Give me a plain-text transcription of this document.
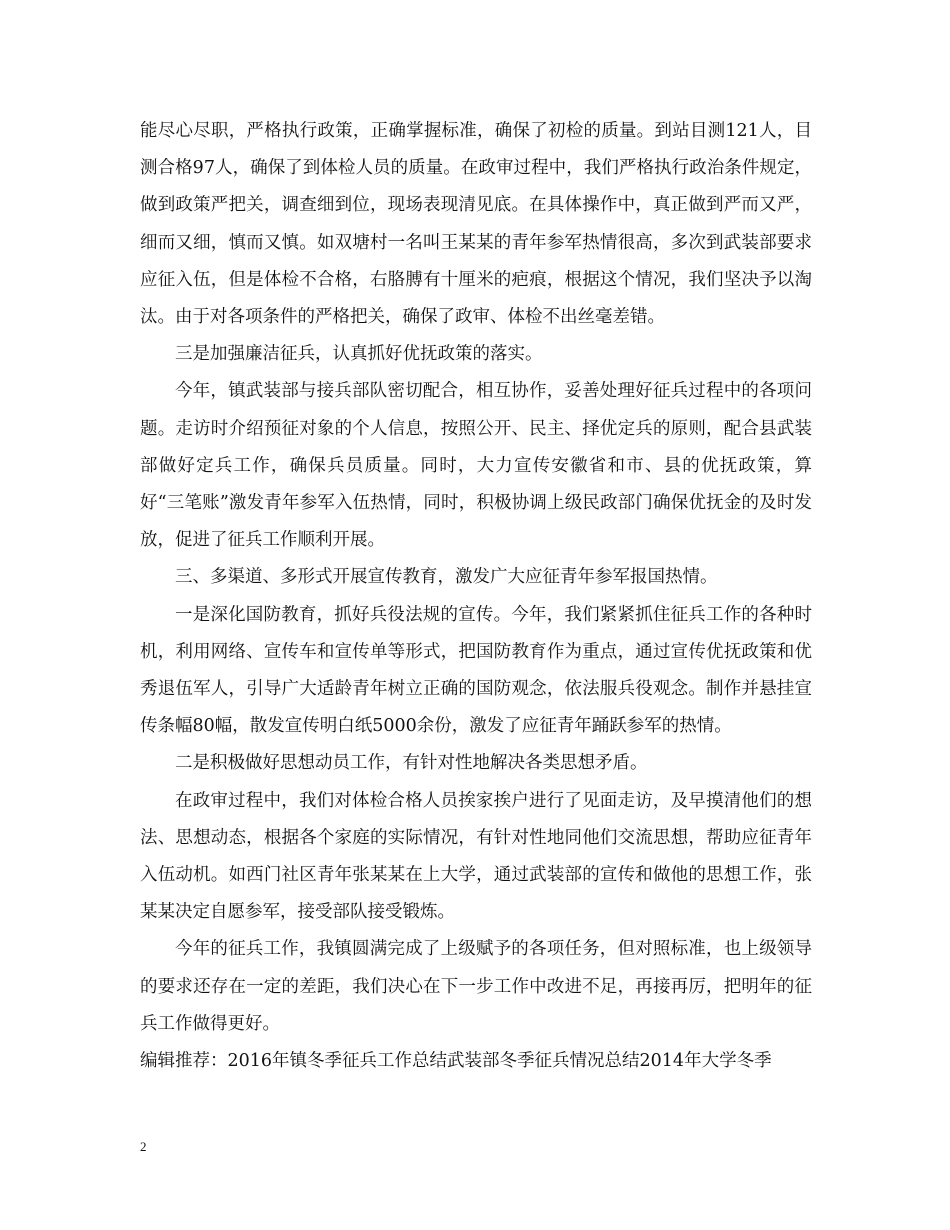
能尽心尽职，严格执行政策，正确掌握标准，确保了初检的质量。到站目测121人，目测合格97人，确保了到体检人员的质量。在政审过程中，我们严格执行政治条件规定，做到政策严把关，调查细到位，现场表现清见底。在具体操作中，真正做到严而又严，细而又细，慎而又慎。如双塘村一名叫王某某的青年参军热情很高，多次到武装部要求应征入伍，但是体检不合格，右胳膊有十厘米的疤痕，根据这个情况，我们坚决予以淘汰。由于对各项条件的严格把关，确保了政审、体检不出丝毫差错。

三是加强廉洁征兵，认真抓好优抚政策的落实。

今年，镇武装部与接兵部队密切配合，相互协作，妥善处理好征兵过程中的各项问题。走访时介绍预征对象的个人信息，按照公开、民主、择优定兵的原则，配合县武装部做好定兵工作，确保兵员质量。同时，大力宣传安徽省和市、县的优抚政策，算好“三笔账”激发青年参军入伍热情，同时，积极协调上级民政部门确保优抚金的及时发放，促进了征兵工作顺利开展。

三、多渠道、多形式开展宣传教育，激发广大应征青年参军报国热情。

一是深化国防教育，抓好兵役法规的宣传。今年，我们紧紧抓住征兵工作的各种时机，利用网络、宣传车和宣传单等形式，把国防教育作为重点，通过宣传优抚政策和优秀退伍军人，引导广大适龄青年树立正确的国防观念，依法服兵役观念。制作并悬挂宣传条幅80幅，散发宣传明白纸5000余份，激发了应征青年踊跃参军的热情。

二是积极做好思想动员工作，有针对性地解决各类思想矛盾。

在政审过程中，我们对体检合格人员挨家挨户进行了见面走访，及早摸清他们的想法、思想动态，根据各个家庭的实际情况，有针对性地同他们交流思想，帮助应征青年入伍动机。如西门社区青年张某某在上大学，通过武装部的宣传和做他的思想工作，张某某决定自愿参军，接受部队接受锻炼。

今年的征兵工作，我镇圆满完成了上级赋予的各项任务，但对照标准，也上级领导的要求还存在一定的差距，我们决心在下一步工作中改进不足，再接再厉，把明年的征兵工作做得更好。

编辑推荐：2016年镇冬季征兵工作总结武装部冬季征兵情况总结2014年大学冬季

2
